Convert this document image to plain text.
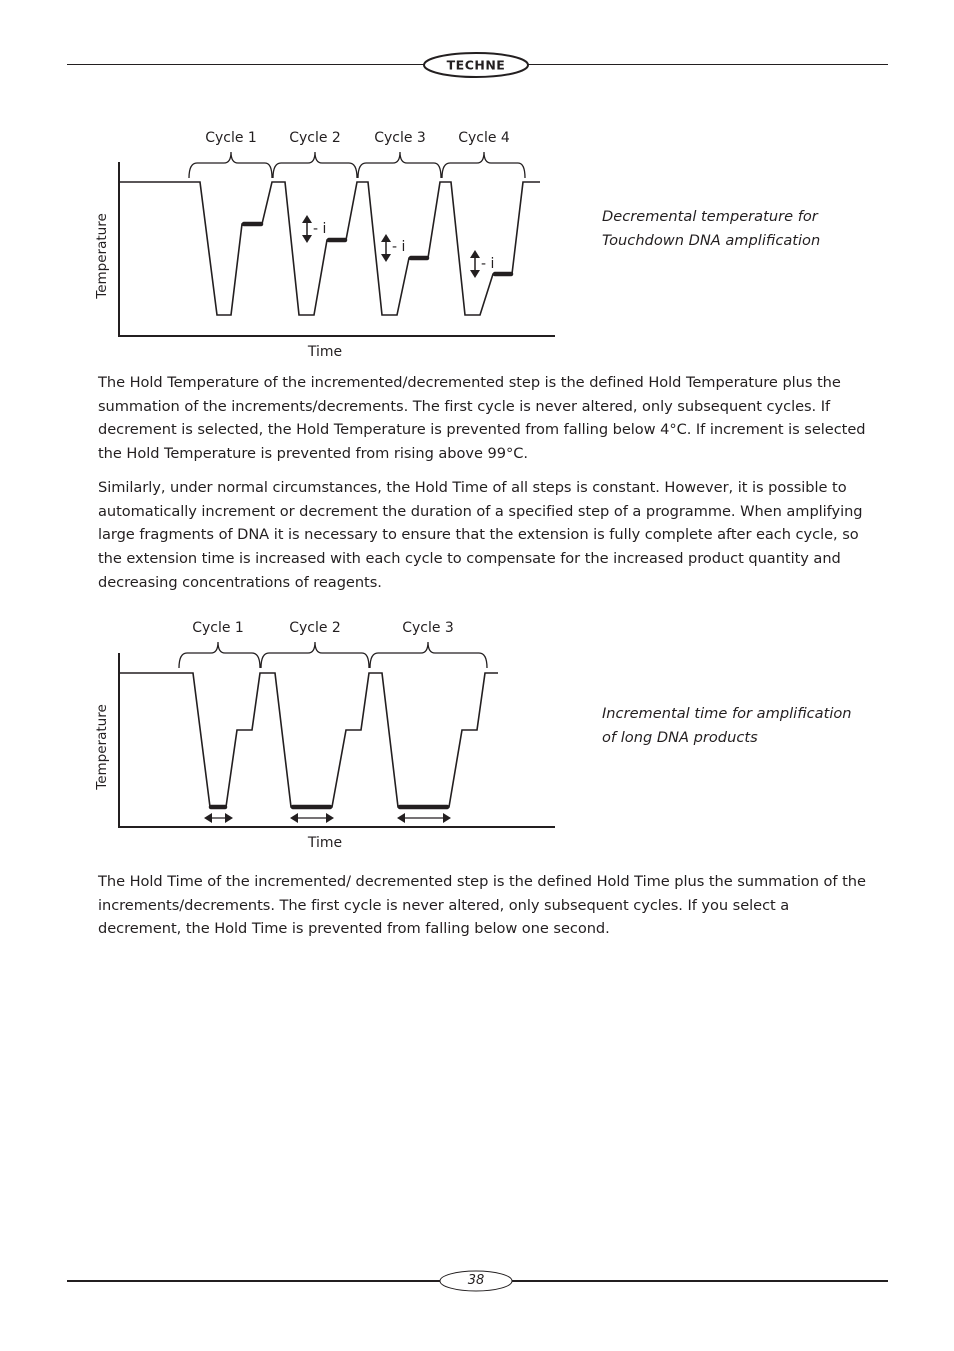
TECHNE
Cycle 1 Cycle 2 Cycle 3 Cycle 4
- i
- i
- i
Temperature
Time

Decremental temperature for
Touchdown DNA amplification

The Hold Temperature of the incremented/decremented step is the defined Hold Temperature plus the summation of the increments/decrements. The first cycle is never altered, only subsequent cycles. If decrement is selected, the Hold Temperature is prevented from falling below 4°C. If increment is selected the Hold Temperature is prevented from rising above 99°C.

Similarly, under normal circumstances, the Hold Time of all steps is constant. However, it is possible to automatically increment or decrement the duration of a specified step of a programme. When amplifying large fragments of DNA it is necessary to ensure that the extension is fully complete after each cycle, so the extension time is increased with each cycle to compensate for the increased product quantity and decreasing concentrations of reagents.

Cycle 1	Cycle 2	Cycle 3
Temperature
Time

Incremental time for amplification
of long DNA products

The Hold Time of the incremented/ decremented step is the defined Hold Time plus the summation of the increments/decrements. The first cycle is never altered, only subsequent cycles. If you select a decrement, the Hold Time is prevented from falling below one second.

38
